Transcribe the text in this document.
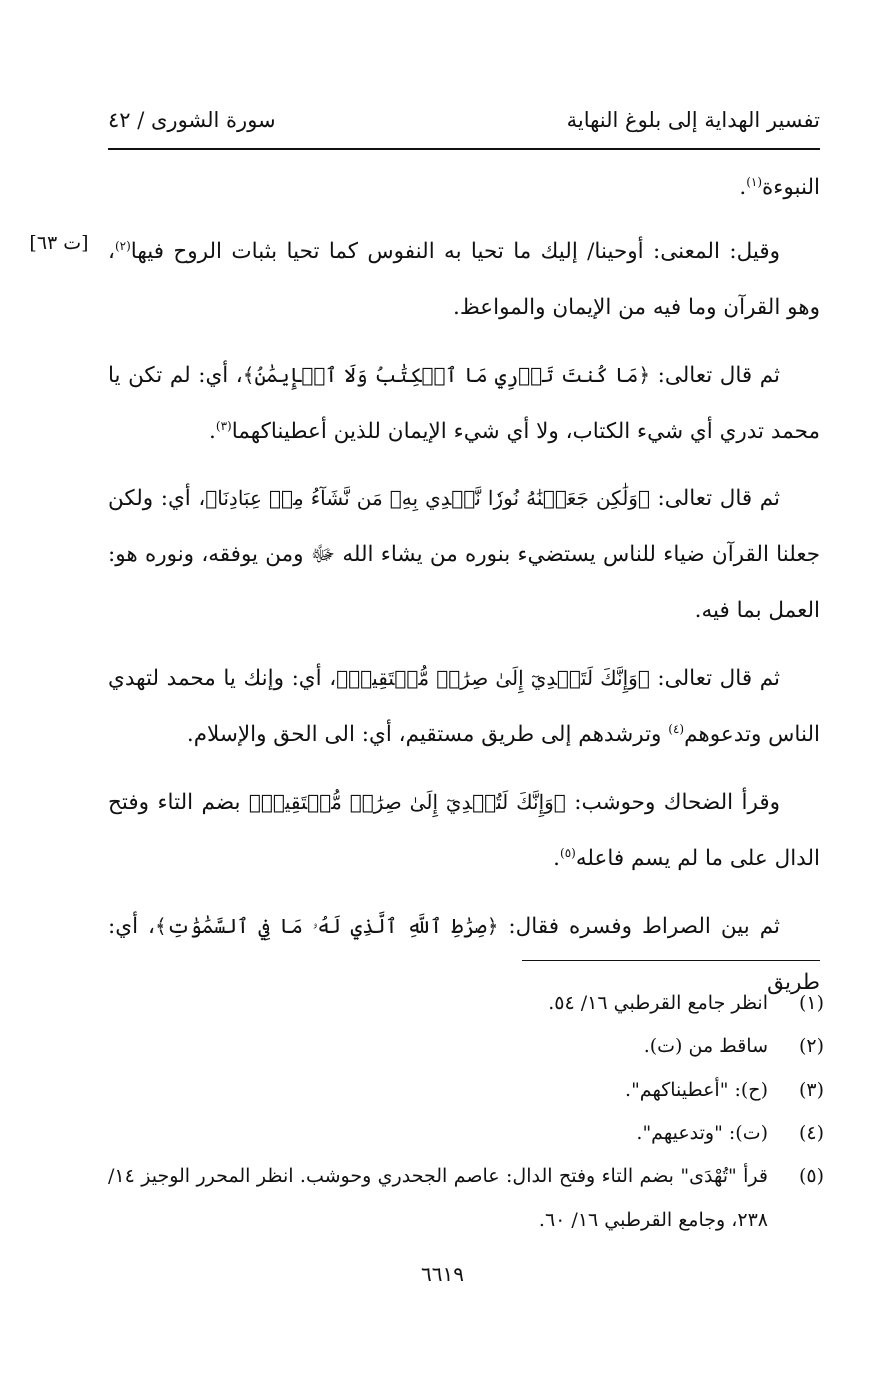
سورة الشورى / ٤٢	تفسير الهداية إلى بلوغ النهاية
[ت ٦٣]

النبوءة$^{(١)}$.

وقيل: المعنى: أوحينا/ إليك ما تحيا به النفوس كما تحيا بثبات الروح فيها$^{(٢)}$، وهو القرآن وما فيه من الإيمان والمواعظ.

ثم قال تعالى: ﴿مَا كُنتَ تَدۡرِي مَا ٱلۡكِتَٰبُ وَلَا ٱلۡإِيمَٰنُ﴾، أي: لم تكن يا محمد تدري أي شيء الكتاب، ولا أي شيء الإيمان للذين أعطيناكهما$^{(٣)}$.

ثم قال تعالى: ﴿وَلَٰكِن جَعَلۡنَٰهُ نُورٗا نَّهۡدِي بِهِۦ مَن نَّشَآءُ مِنۡ عِبَادِنَا﴾، أي: ولكن جعلنا القرآن ضياء للناس يستضيء بنوره من يشاء الله ﷻ ومن يوفقه، ونوره هو: العمل بما فيه.

ثم قال تعالى: ﴿وَإِنَّكَ لَتَهۡدِيٓ إِلَىٰ صِرَٰطٖ مُّسۡتَقِيمٖ﴾، أي: وإنك يا محمد لتهدي الناس وتدعوهم$^{(٤)}$ وترشدهم إلى طريق مستقيم، أي: الى الحق والإسلام.

وقرأ الضحاك وحوشب: ﴿وَإِنَّكَ لَتُهۡدِيٓ إِلَىٰ صِرَٰطٖ مُّسۡتَقِيمٖ﴾ بضم التاء وفتح الدال على ما لم يسم فاعله$^{(٥)}$.

ثم بين الصراط وفسره فقال: ﴿صِرَٰطِ ٱللَّهِ ٱلَّذِي لَهُۥ مَا فِي ٱلسَّمَٰوَٰتِ﴾، أي: طريق

(١)
انظر جامع القرطبي ١٦/ ٥٤.
(٢)
ساقط من (ت).
(٣)
(ح): "أعطيناكهم".
(٤)
(ت): "وتدعيهم".
(٥)
قرأ "تُهْدَى" بضم التاء وفتح الدال: عاصم الجحدري وحوشب. انظر المحرر الوجيز ١٤/ ٢٣٨، وجامع القرطبي ١٦/ ٦٠.
٦٦١٩
